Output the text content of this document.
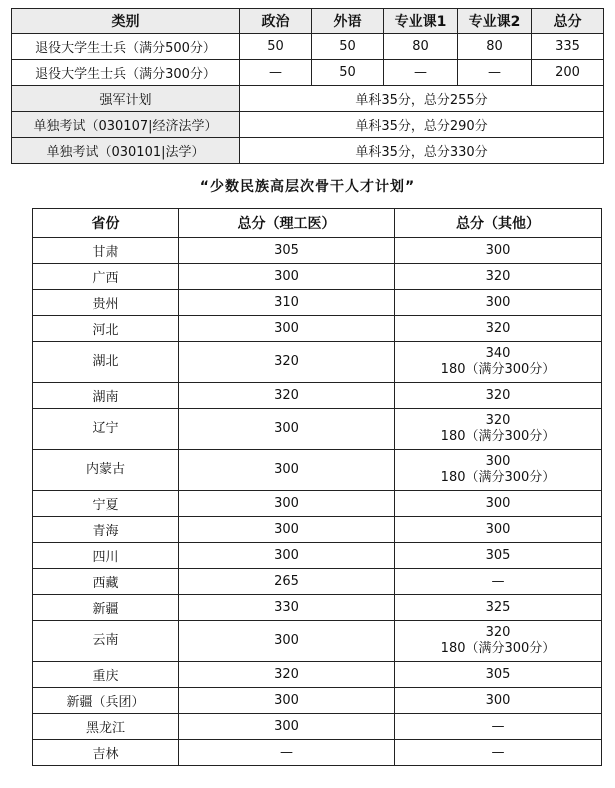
类别	政治	外语	专业课1	专业课2	总分
退役大学生士兵（满分500分）	50	50	80	80	335
退役大学生士兵（满分300分）	—	50	—	—	200
强军计划	单科35分，总分255分				
单独考试（030107|经济法学）	单科35分，总分290分				
单独考试（030101|法学）	单科35分，总分330分				
“少数民族高层次骨干人才计划”
省份	总分（理工医）	总分（其他）
甘肃	305	300

广西	300	320

贵州	310	300

河北	300	320

湖北	320	340
180（满分300分）

湖南	320	320

辽宁	300	320
180（满分300分）

内蒙古	300	300
180（满分300分）

宁夏	300	300

青海	300	300

四川	300	305

西藏	265	—

新疆	330	325

云南	300	320
180（满分300分）

重庆	320	305

新疆（兵团）	300	300

黑龙江	300	—

吉林	—	—
